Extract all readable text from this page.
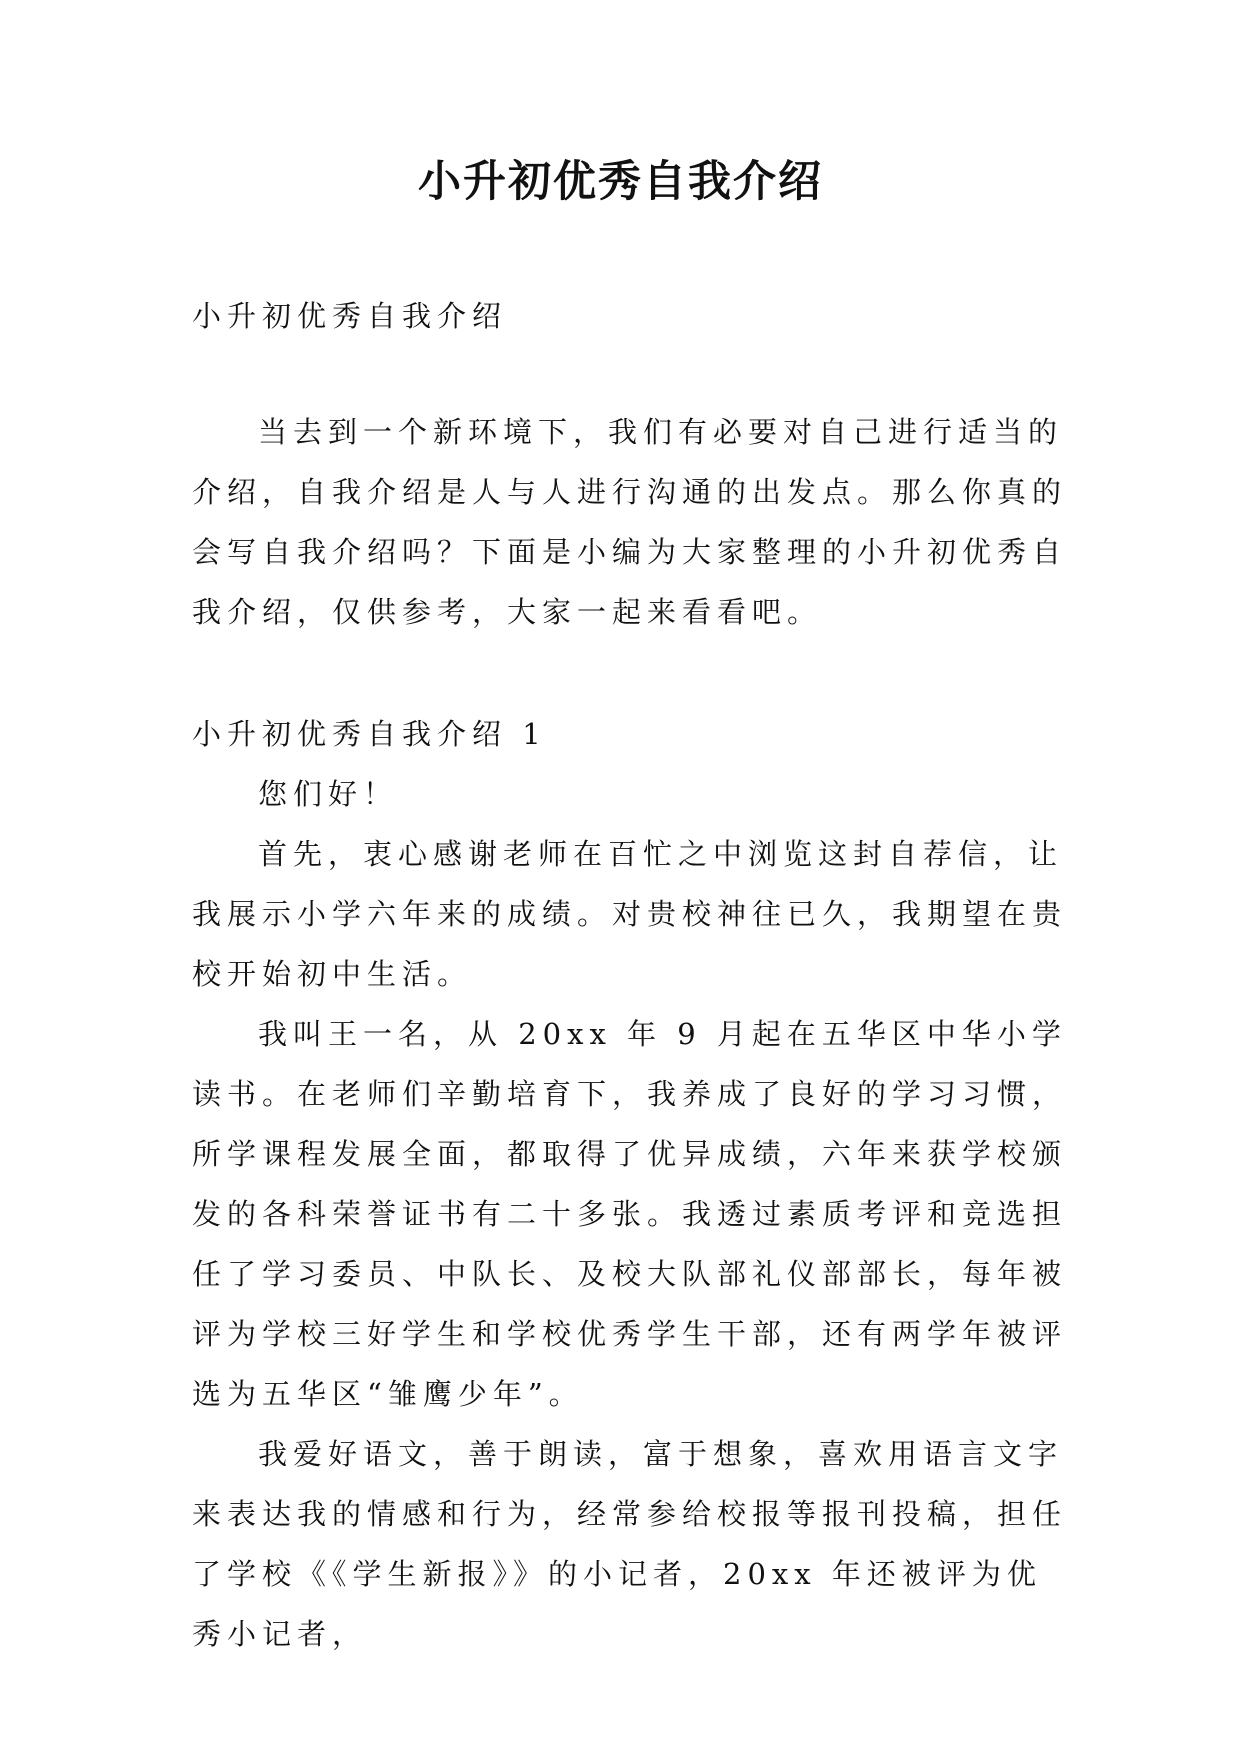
小升初优秀自我介绍

小升初优秀自我介绍

当去到一个新环境下，我们有必要对自己进行适当的介绍，自我介绍是人与人进行沟通的出发点。那么你真的会写自我介绍吗？下面是小编为大家整理的小升初优秀自我介绍，仅供参考，大家一起来看看吧。

小升初优秀自我介绍 1

您们好！

首先，衷心感谢老师在百忙之中浏览这封自荐信，让我展示小学六年来的成绩。对贵校神往已久，我期望在贵校开始初中生活。

我叫王一名，从 20xx 年 9 月起在五华区中华小学读书。在老师们辛勤培育下，我养成了良好的学习习惯，所学课程发展全面，都取得了优异成绩，六年来获学校颁发的各科荣誉证书有二十多张。我透过素质考评和竞选担任了学习委员、中队长、及校大队部礼仪部部长，每年被评为学校三好学生和学校优秀学生干部，还有两学年被评选为五华区“雏鹰少年”。

我爱好语文，善于朗读，富于想象，喜欢用语言文字来表达我的情感和行为，经常参给校报等报刊投稿，担任了学校《《学生新报》》的小记者，20xx 年还被评为优秀小记者，
